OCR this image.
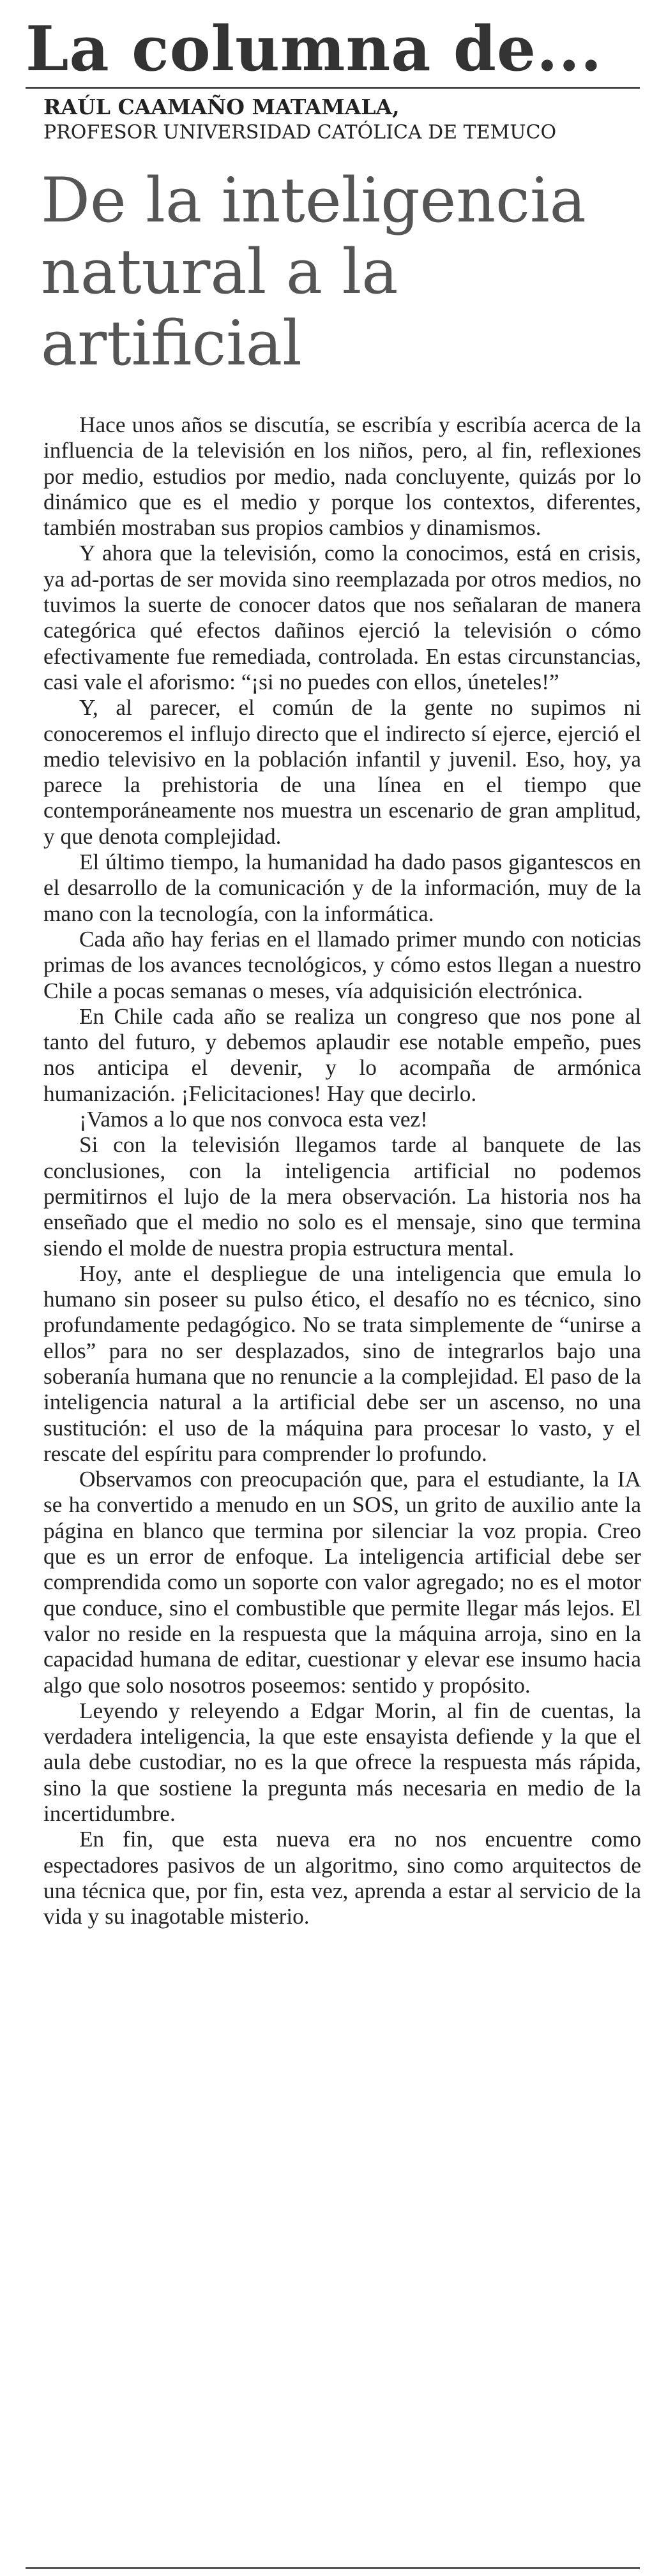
La columna de...
RAÚL CAAMAÑO MATAMALA,
PROFESOR UNIVERSIDAD CATÓLICA DE TEMUCO
De la inteligencia natural a la artificial

Hace unos años se discutía, se escribía y escribía acerca de la influencia de la televisión en los niños, pero, al fin, reflexiones por medio, estudios por medio, nada concluyente, quizás por lo dinámico que es el medio y porque los contextos, diferentes, también mostraban sus propios cambios y dinamismos.

Y ahora que la televisión, como la conocimos, está en crisis, ya ad-portas de ser movida sino reemplazada por otros medios, no tuvimos la suerte de conocer datos que nos señalaran de manera categórica qué efectos dañinos ejerció la televisión o cómo efectivamente fue remediada, controlada. En estas circunstancias, casi vale el aforismo: “¡si no puedes con ellos, úneteles!”

Y, al parecer, el común de la gente no supimos ni conoceremos el influjo directo que el indirecto sí ejerce, ejerció el medio televisivo en la población infantil y juvenil. Eso, hoy, ya parece la prehistoria de una línea en el tiempo que contemporáneamente nos muestra un escenario de gran amplitud, y que denota complejidad.

El último tiempo, la humanidad ha dado pasos gigantescos en el desarrollo de la comunicación y de la información, muy de la mano con la tecnología, con la informática.

Cada año hay ferias en el llamado primer mundo con noticias primas de los avances tecnológicos, y cómo estos llegan a nuestro Chile a pocas semanas o meses, vía adquisición electrónica.

En Chile cada año se realiza un congreso que nos pone al tanto del futuro, y debemos aplaudir ese notable empeño, pues nos anticipa el devenir, y lo acompaña de armónica humanización. ¡Felicitaciones! Hay que decirlo.

¡Vamos a lo que nos convoca esta vez!

Si con la televisión llegamos tarde al banquete de las conclusiones, con la inteligencia artificial no podemos permitirnos el lujo de la mera observación. La historia nos ha enseñado que el medio no solo es el mensaje, sino que termina siendo el molde de nuestra propia estructura mental.

Hoy, ante el despliegue de una inteligencia que emula lo humano sin poseer su pulso ético, el desafío no es técnico, sino profundamente pedagógico. No se trata simplemente de “unirse a ellos” para no ser desplazados, sino de integrarlos bajo una soberanía humana que no renuncie a la complejidad. El paso de la inteligencia natural a la artificial debe ser un ascenso, no una sustitución: el uso de la máquina para procesar lo vasto, y el rescate del espíritu para comprender lo profundo.

Observamos con preocupación que, para el estudiante, la IA se ha convertido a menudo en un SOS, un grito de auxilio ante la página en blanco que termina por silenciar la voz propia. Creo que es un error de enfoque. La inteligencia artificial debe ser comprendida como un soporte con valor agregado; no es el motor que conduce, sino el combustible que permite llegar más lejos. El valor no reside en la respuesta que la máquina arroja, sino en la capacidad humana de editar, cuestionar y elevar ese insumo hacia algo que solo nosotros poseemos: sentido y propósito.

Leyendo y releyendo a Edgar Morin, al fin de cuentas, la verdadera inteligencia, la que este ensayista defiende y la que el aula debe custodiar, no es la que ofrece la respuesta más rápida, sino la que sostiene la pregunta más necesaria en medio de la incertidumbre.

En fin, que esta nueva era no nos encuentre como espectadores pasivos de un algoritmo, sino como arquitectos de una técnica que, por fin, esta vez, aprenda a estar al servicio de la vida y su inagotable misterio.
